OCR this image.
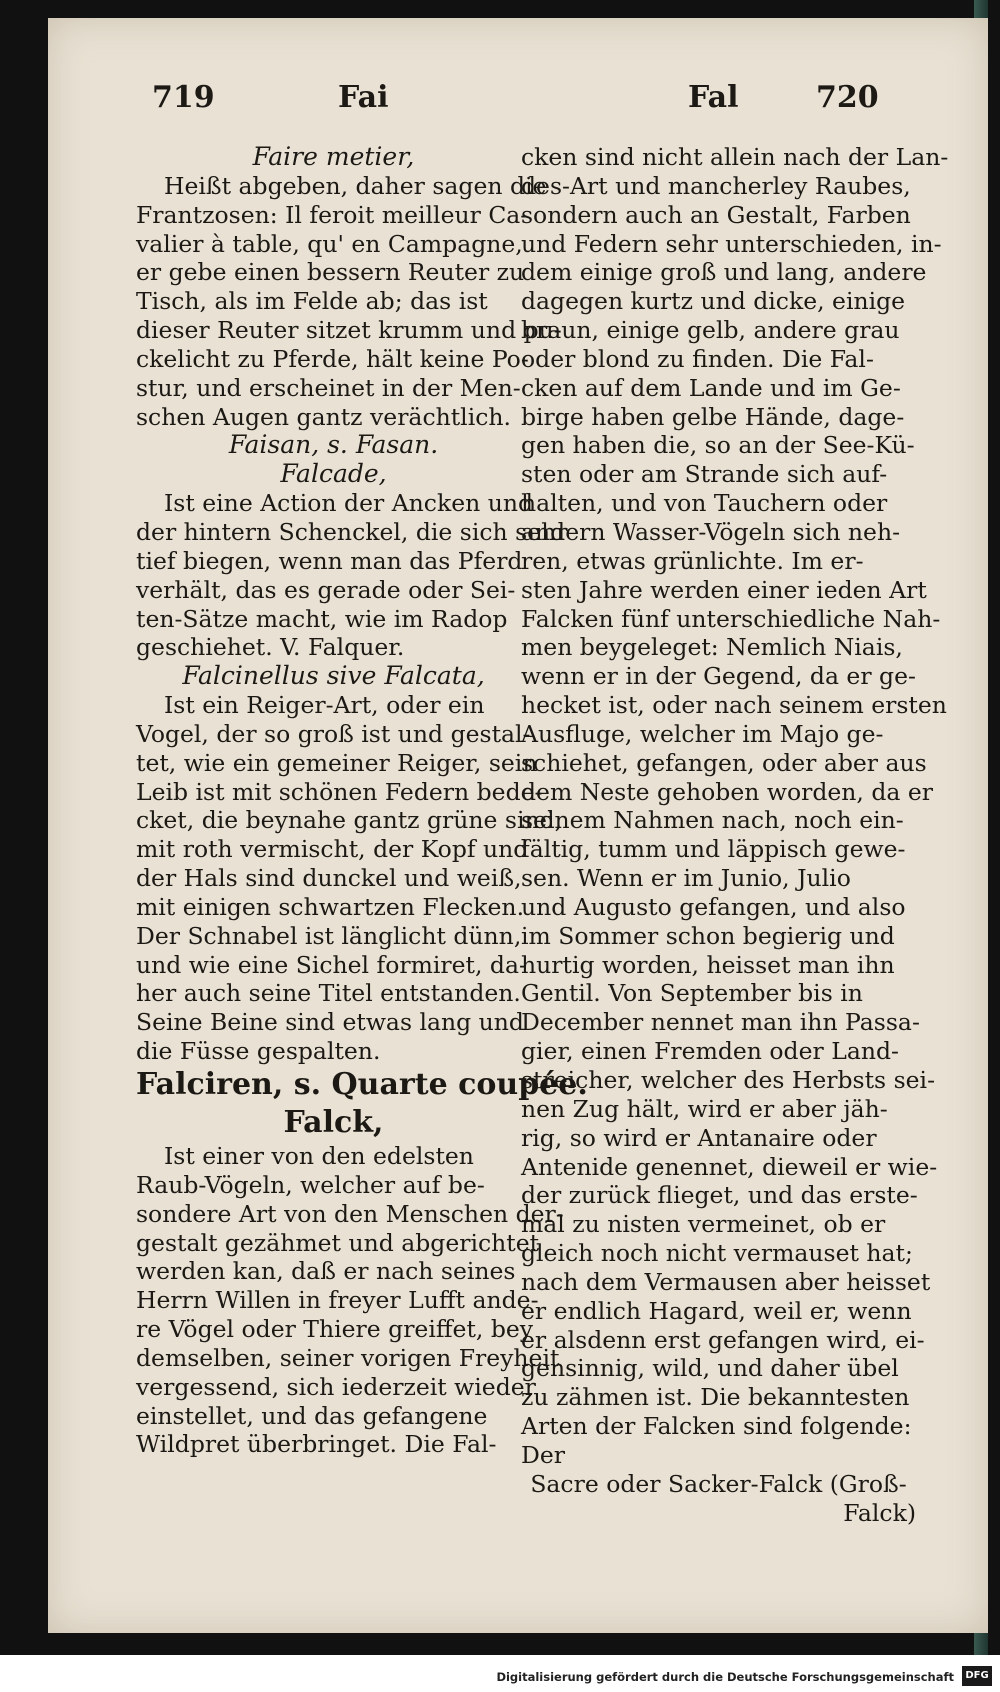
719	Fai	Fal	720
Faire metier,
Heißt abgeben, daher sagen die
Frantzosen: Il feroit meilleur Ca-
valier à table, qu' en Campagne,
er gebe einen bessern Reuter zu
Tisch, als im Felde ab; das ist
dieser Reuter sitzet krumm und pu-
ckelicht zu Pferde, hält keine Po-
stur, und erscheinet in der Men-
schen Augen gantz verächtlich.
Faisan, s. Fasan.
Falcade,
Ist eine Action der Ancken und
der hintern Schenckel, die sich sehr
tief biegen, wenn man das Pferd
verhält, das es gerade oder Sei-
ten-Sätze macht, wie im Radop
geschiehet. V. Falquer.
Falcinellus sive Falcata,
Ist ein Reiger-Art, oder ein
Vogel, der so groß ist und gestal-
tet, wie ein gemeiner Reiger, sein
Leib ist mit schönen Federn bede-
cket, die beynahe gantz grüne sind,
mit roth vermischt, der Kopf und
der Hals sind dunckel und weiß,
mit einigen schwartzen Flecken.
Der Schnabel ist länglicht dünn,
und wie eine Sichel formiret, da-
her auch seine Titel entstanden.
Seine Beine sind etwas lang und
die Füsse gespalten.
Falciren, s. Quarte coupée.
Falck,
Ist einer von den edelsten
Raub-Vögeln, welcher auf be-
sondere Art von den Menschen der-
gestalt gezähmet und abgerichtet
werden kan, daß er nach seines
Herrn Willen in freyer Lufft ande-
re Vögel oder Thiere greiffet, bey
demselben, seiner vorigen Freyheit
vergessend, sich iederzeit wieder
einstellet, und das gefangene
Wildpret überbringet. Die Fal-
cken sind nicht allein nach der Lan-
des-Art und mancherley Raubes,
sondern auch an Gestalt, Farben
und Federn sehr unterschieden, in-
dem einige groß und lang, andere
dagegen kurtz und dicke, einige
braun, einige gelb, andere grau
oder blond zu finden. Die Fal-
cken auf dem Lande und im Ge-
birge haben gelbe Hände, dage-
gen haben die, so an der See-Kü-
sten oder am Strande sich auf-
halten, und von Tauchern oder
andern Wasser-Vögeln sich neh-
ren, etwas grünlichte. Im er-
sten Jahre werden einer ieden Art
Falcken fünf unterschiedliche Nah-
men beygeleget: Nemlich Niais,
wenn er in der Gegend, da er ge-
hecket ist, oder nach seinem ersten
Ausfluge, welcher im Majo ge-
schiehet, gefangen, oder aber aus
dem Neste gehoben worden, da er
seinem Nahmen nach, noch ein-
fältig, tumm und läppisch gewe-
sen. Wenn er im Junio, Julio
und Augusto gefangen, und also
im Sommer schon begierig und
hurtig worden, heisset man ihn
Gentil. Von September bis in
December nennet man ihn Passa-
gier, einen Fremden oder Land-
streicher, welcher des Herbsts sei-
nen Zug hält, wird er aber jäh-
rig, so wird er Antanaire oder
Antenide genennet, dieweil er wie-
der zurück flieget, und das erste-
mal zu nisten vermeinet, ob er
gleich noch nicht vermauset hat;
nach dem Vermausen aber heisset
er endlich Hagard, weil er, wenn
er alsdenn erst gefangen wird, ei-
gensinnig, wild, und daher übel
zu zähmen ist. Die bekanntesten
Arten der Falcken sind folgende:
Der
Sacre oder Sacker-Falck (Groß-
Falck)
Digitalisierung gefördert durch die Deutsche Forschungsgemeinschaft	DFG
